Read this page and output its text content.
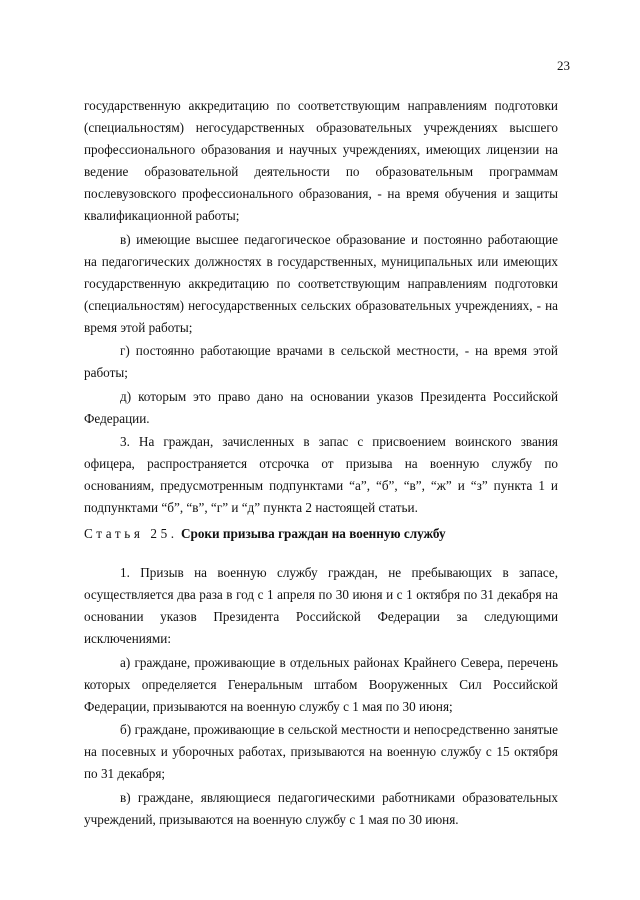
23

государственную аккредитацию по соответствующим направлениям подготовки (специальностям) негосударственных образовательных учреждениях высшего профессионального образования и научных учреждениях, имеющих лицензии на ведение образовательной деятельности по образовательным программам послевузовского профессионального образования, - на время обучения и защиты квалификационной работы;

в) имеющие высшее педагогическое образование и постоянно работающие на педагогических должностях в государственных, муниципальных или имеющих государственную аккредитацию по соответствующим направлениям подготовки (специальностям) негосударственных сельских образовательных учреждениях, - на время этой работы;

г) постоянно работающие врачами в сельской местности, - на время этой работы;

д) которым это право дано на основании указов Президента Российской Федерации.

3. На граждан, зачисленных в запас с присвоением воинского звания офицера, распространяется отсрочка от призыва на военную службу по основаниям, предусмотренным подпунктами “а”, “б”, “в”, “ж” и “з” пункта 1 и подпунктами “б”, “в”, “г” и “д” пункта 2 настоящей статьи.

Статья 25. Сроки призыва граждан на военную службу

1. Призыв на военную службу граждан, не пребывающих в запасе, осуществляется два раза в год с 1 апреля по 30 июня и с 1 октября по 31 декабря на основании указов Президента Российской Федерации за следующими исключениями:

а) граждане, проживающие в отдельных районах Крайнего Севера, перечень которых определяется Генеральным штабом Вооруженных Сил Российской Федерации, призываются на военную службу с 1 мая по 30 июня;

б) граждане, проживающие в сельской местности и непосредственно занятые на посевных и уборочных работах, призываются на военную службу с 15 октября по 31 декабря;

в) граждане, являющиеся педагогическими работниками образовательных учреждений, призываются на военную службу с 1 мая по 30 июня.
